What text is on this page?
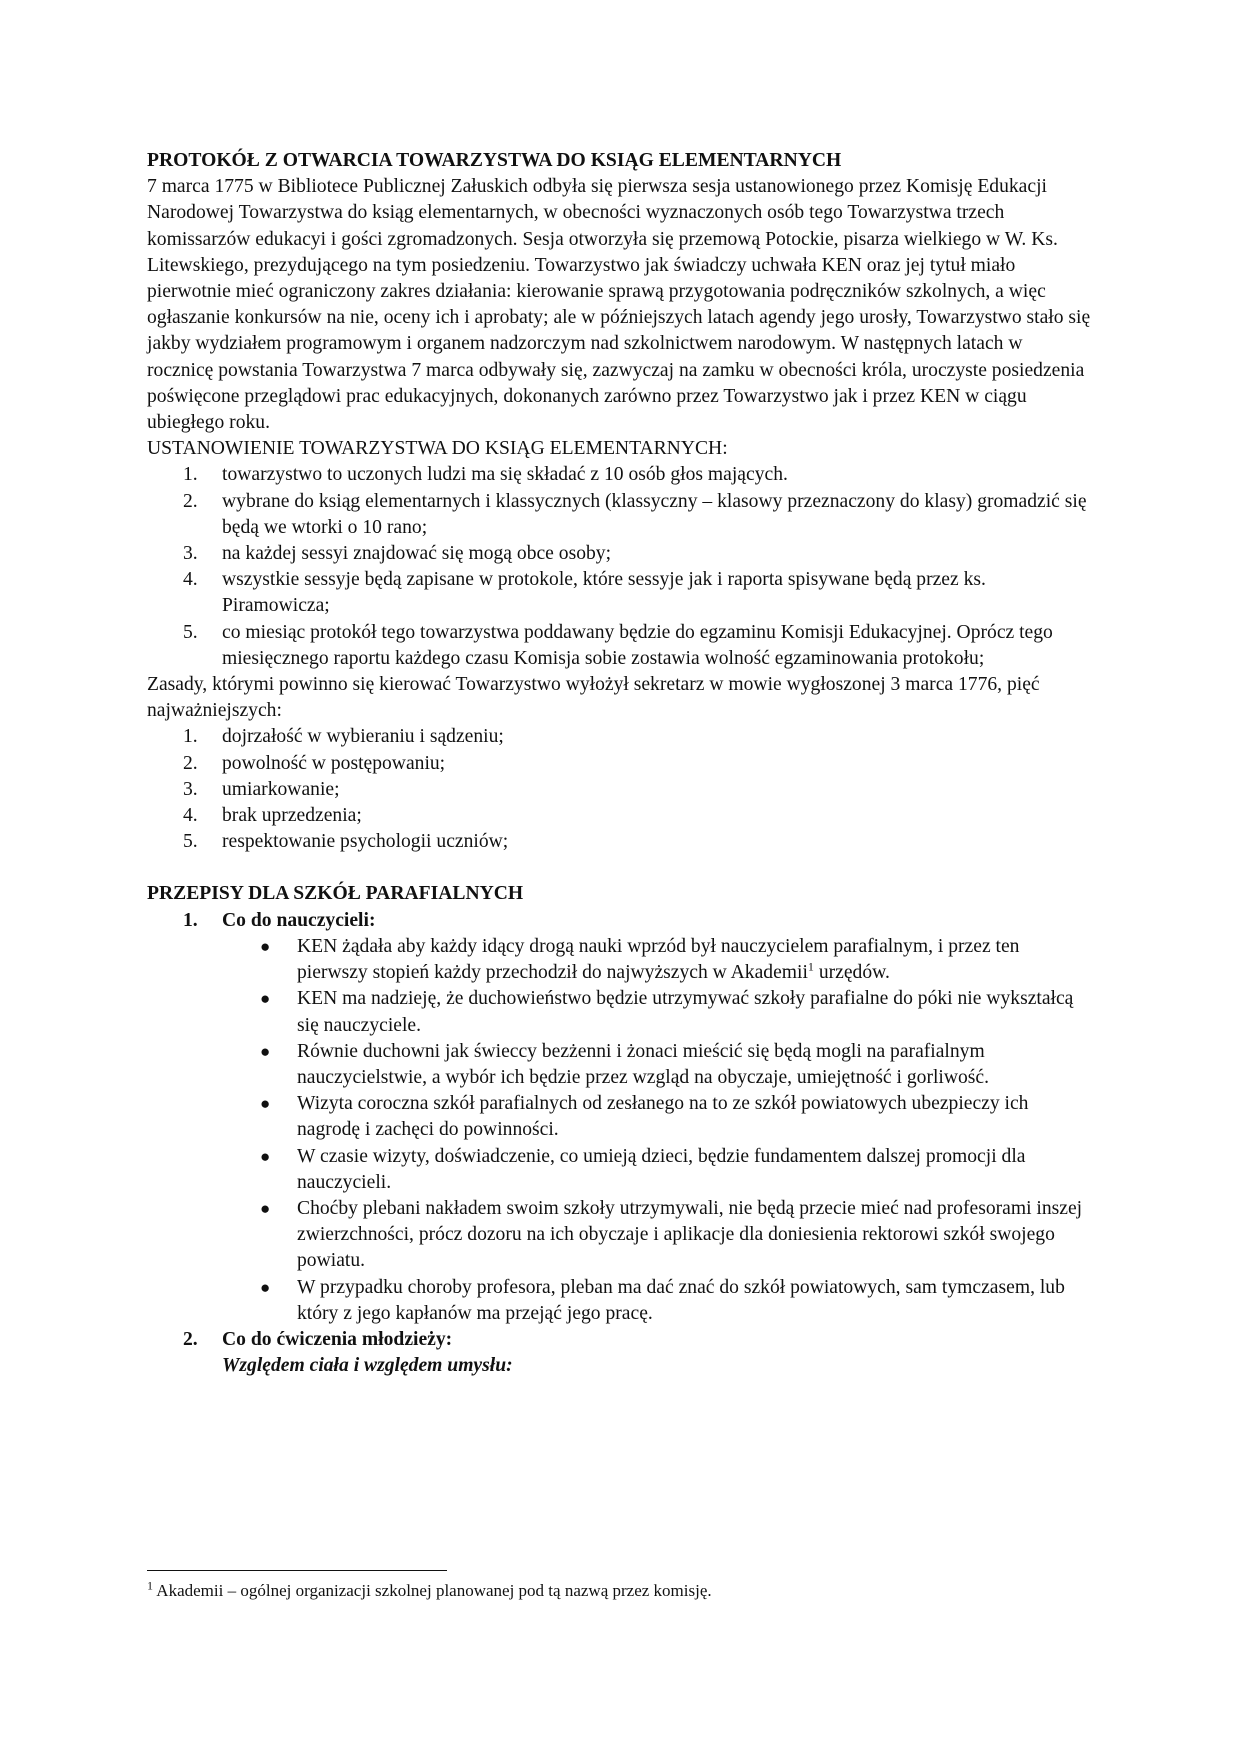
PROTOKÓŁ Z OTWARCIA TOWARZYSTWA DO KSIĄG ELEMENTARNYCH

7 marca 1775 w Bibliotece Publicznej Załuskich odbyła się pierwsza sesja ustanowionego przez Komisję Edukacji Narodowej Towarzystwa do ksiąg elementarnych, w obecności wyznaczonych osób tego Towarzystwa trzech komissarzów edukacyi i gości zgromadzonych. Sesja otworzyła się przemową Potockie, pisarza wielkiego w W. Ks. Litewskiego, prezydującego na tym posiedzeniu. Towarzystwo jak świadczy uchwała KEN oraz jej tytuł miało pierwotnie mieć ograniczony zakres działania: kierowanie sprawą przygotowania podręczników szkolnych, a więc ogłaszanie konkursów na nie, oceny ich i aprobaty; ale w późniejszych latach agendy jego urosły, Towarzystwo stało się jakby wydziałem programowym i organem nadzorczym nad szkolnictwem narodowym. W następnych latach w rocznicę powstania Towarzystwa 7 marca odbywały się, zazwyczaj na zamku w obecności króla, uroczyste posiedzenia poświęcone przeglądowi prac edukacyjnych, dokonanych zarówno przez Towarzystwo jak i przez KEN w ciągu ubiegłego roku.

USTANOWIENIE TOWARZYSTWA DO KSIĄG ELEMENTARNYCH:

1. towarzystwo to uczonych ludzi ma się składać z 10 osób głos mających.
2. wybrane do ksiąg elementarnych i klassycznych (klassyczny – klasowy przeznaczony do klasy) gromadzić się będą we wtorki o 10 rano;
3. na każdej sessyi znajdować się mogą obce osoby;
4. wszystkie sessyje będą zapisane w protokole, które sessyje jak i raporta spisywane będą przez ks. Piramowicza;
5. co miesiąc protokół tego towarzystwa poddawany będzie do egzaminu Komisji Edukacyjnej. Oprócz tego miesięcznego raportu każdego czasu Komisja sobie zostawia wolność egzaminowania protokołu;

Zasady, którymi powinno się kierować Towarzystwo wyłożył sekretarz w mowie wygłoszonej 3 marca 1776, pięć najważniejszych:

1. dojrzałość w wybieraniu i sądzeniu;
2. powolność w postępowaniu;
3. umiarkowanie;
4. brak uprzedzenia;
5. respektowanie psychologii uczniów;

PRZEPISY DLA SZKÓŁ PARAFIALNYCH

1. Co do nauczycieli:
● KEN żądała aby każdy idący drogą nauki wprzód był nauczycielem parafialnym, i przez ten pierwszy stopień każdy przechodził do najwyższych w Akademii$^1$ urzędów.
● KEN ma nadzieję, że duchowieństwo będzie utrzymywać szkoły parafialne do póki nie wykształcą się nauczyciele.
● Równie duchowni jak świeccy bezżenni i żonaci mieścić się będą mogli na parafialnym nauczycielstwie, a wybór ich będzie przez wzgląd na obyczaje, umiejętność i gorliwość.
● Wizyta coroczna szkół parafialnych od zesłanego na to ze szkół powiatowych ubezpieczy ich nagrodę i zachęci do powinności.
● W czasie wizyty, doświadczenie, co umieją dzieci, będzie fundamentem dalszej promocji dla nauczycieli.
● Choćby plebani nakładem swoim szkoły utrzymywali, nie będą przecie mieć nad profesorami inszej zwierzchności, prócz dozoru na ich obyczaje i aplikacje dla doniesienia rektorowi szkół swojego powiatu.
● W przypadku choroby profesora, pleban ma dać znać do szkół powiatowych, sam tymczasem, lub który z jego kapłanów ma przejąć jego pracę.
2. Co do ćwiczenia młodzieży:

Względem ciała i względem umysłu:

$^1$ Akademii – ogólnej organizacji szkolnej planowanej pod tą nazwą przez komisję.
